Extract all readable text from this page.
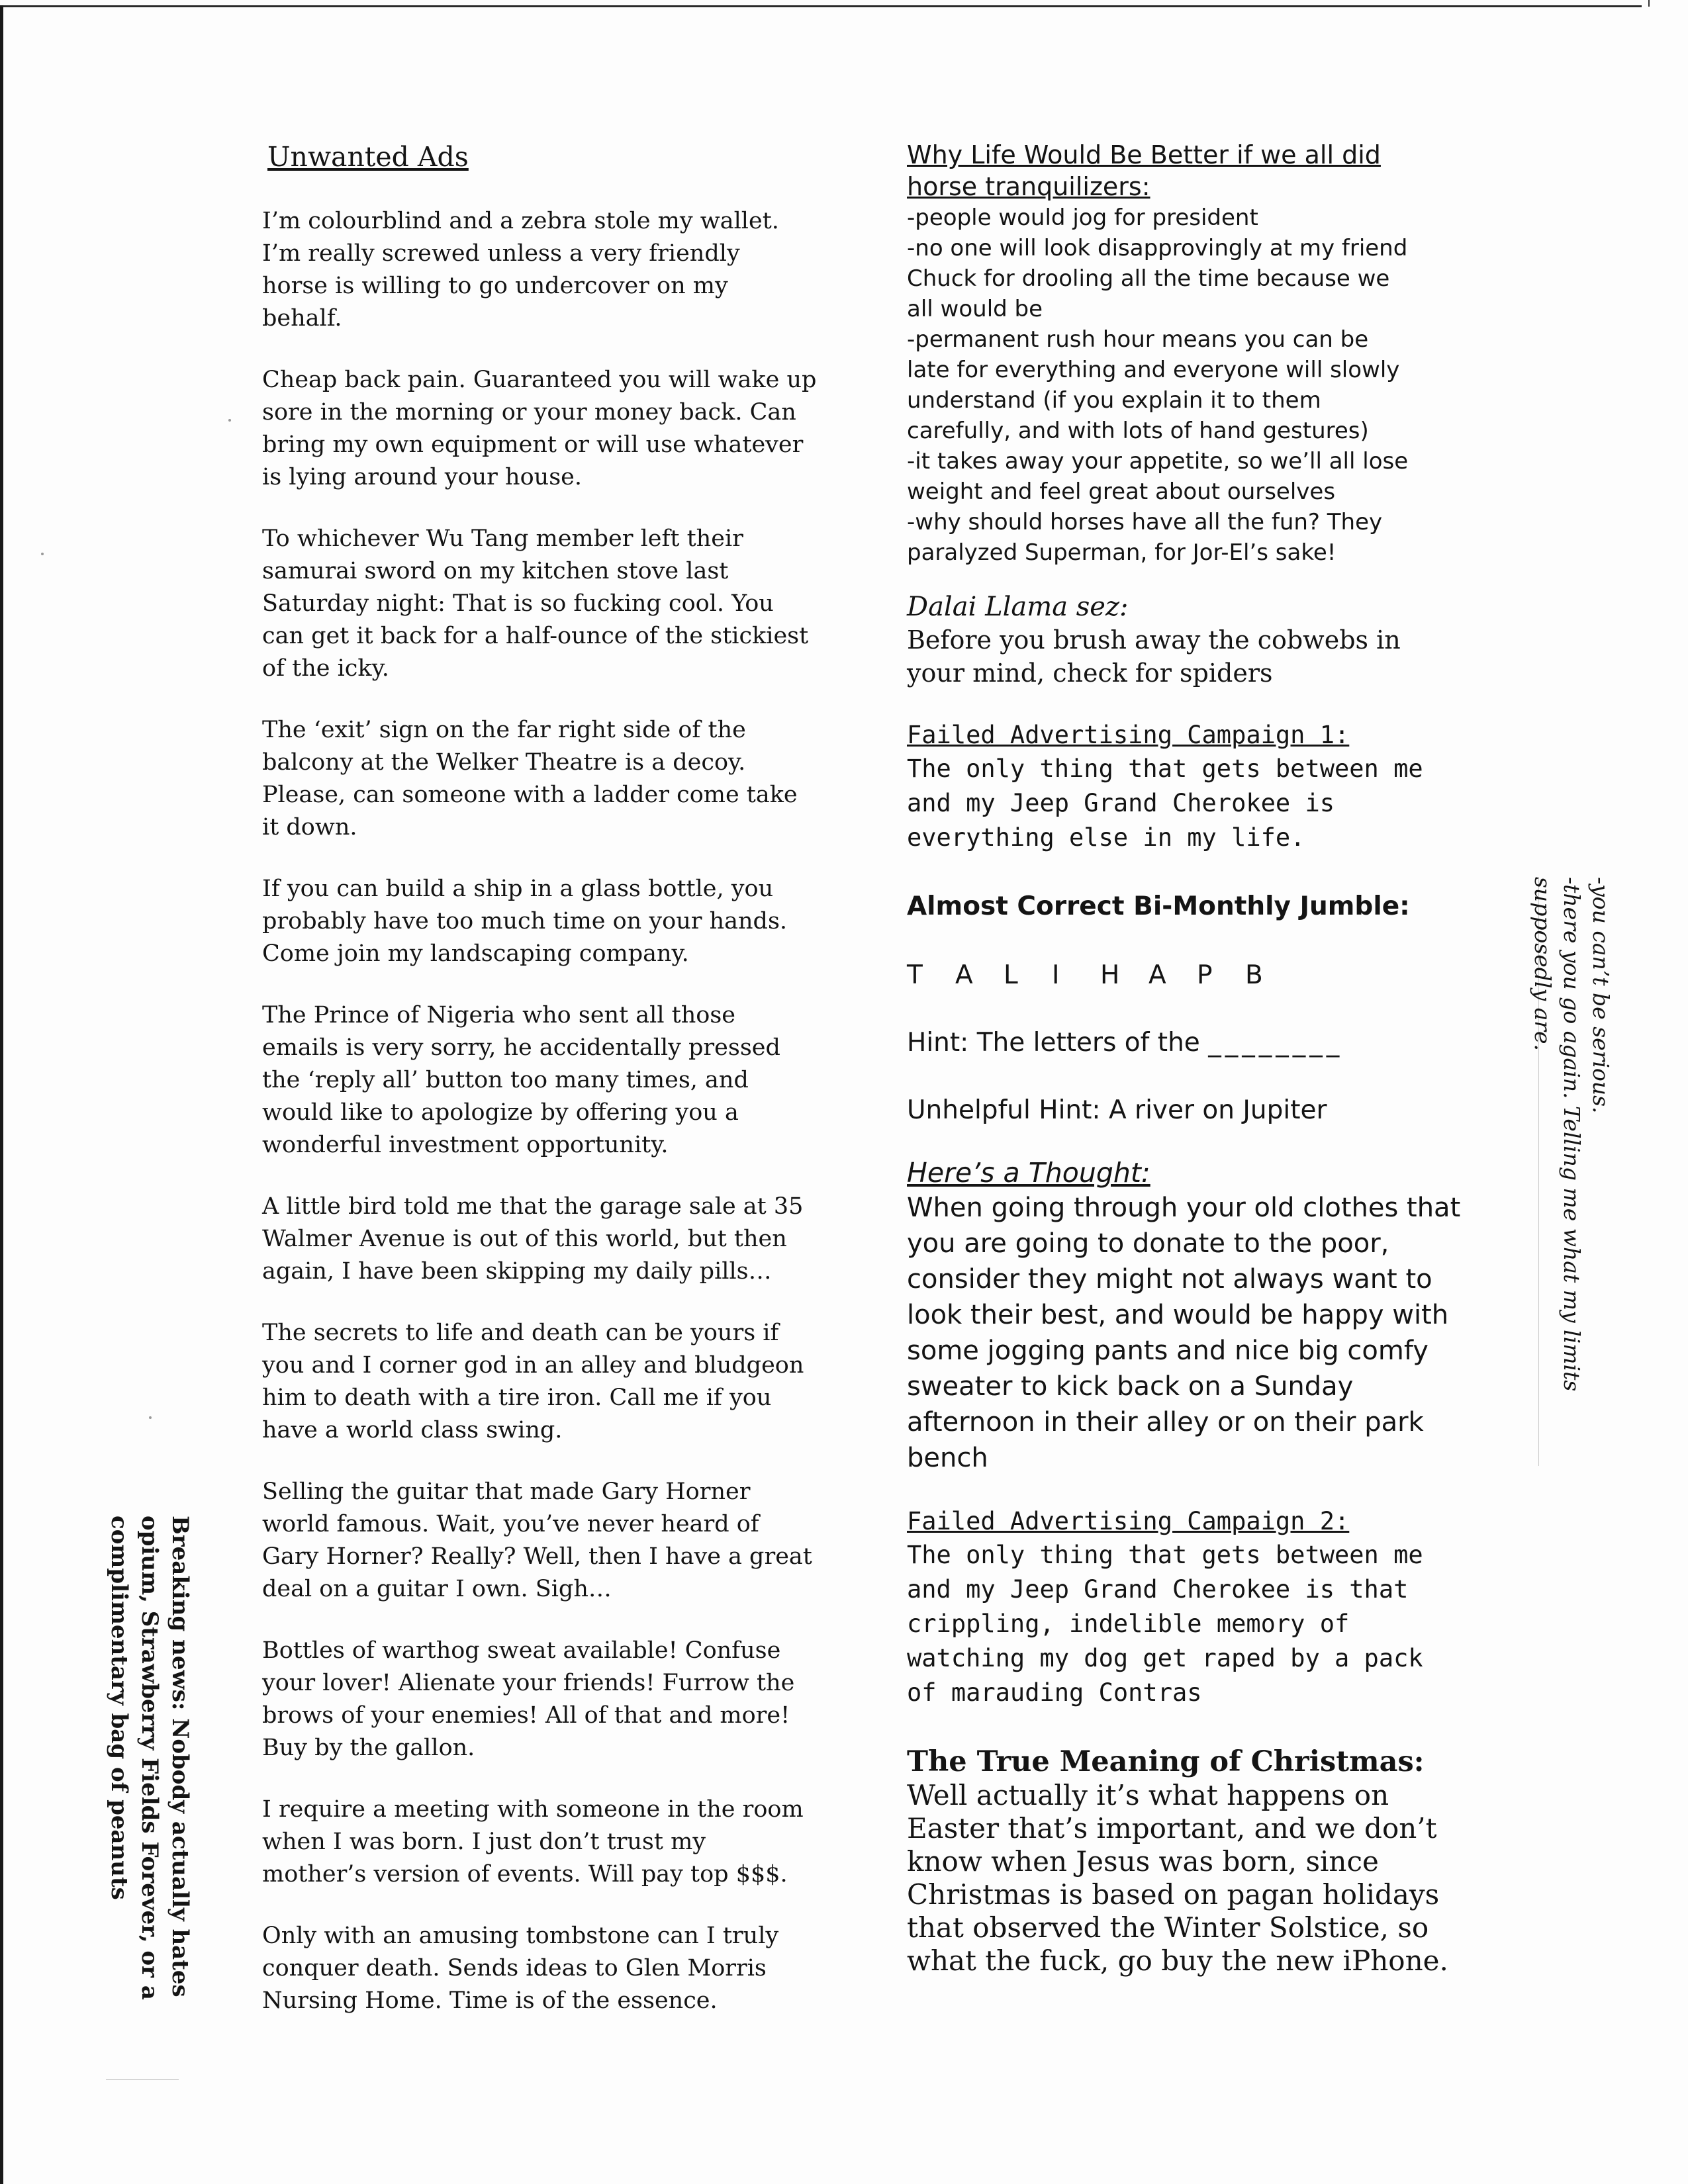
Unwanted Ads

I’m colourblind and a zebra stole my wallet.

I’m really screwed unless a very friendly

horse is willing to go undercover on my

behalf.

Cheap back pain. Guaranteed you will wake up

sore in the morning or your money back. Can

bring my own equipment or will use whatever

is lying around your house.

To whichever Wu Tang member left their

samurai sword on my kitchen stove last

Saturday night: That is so fucking cool. You

can get it back for a half-ounce of the stickiest

of the icky.

The ‘exit’ sign on the far right side of the

balcony at the Welker Theatre is a decoy.

Please, can someone with a ladder come take

it down.

If you can build a ship in a glass bottle, you

probably have too much time on your hands.

Come join my landscaping company.

The Prince of Nigeria who sent all those

emails is very sorry, he accidentally pressed

the ‘reply all’ button too many times, and

would like to apologize by offering you a

wonderful investment opportunity.

A little bird told me that the garage sale at 35

Walmer Avenue is out of this world, but then

again, I have been skipping my daily pills…

The secrets to life and death can be yours if

you and I corner god in an alley and bludgeon

him to death with a tire iron. Call me if you

have a world class swing.

Selling the guitar that made Gary Horner

world famous. Wait, you’ve never heard of

Gary Horner? Really? Well, then I have a great

deal on a guitar I own. Sigh…

Bottles of warthog sweat available! Confuse

your lover! Alienate your friends! Furrow the

brows of your enemies! All of that and more!

Buy by the gallon.

I require a meeting with someone in the room

when I was born. I just don’t trust my

mother’s version of events. Will pay top $$$.

Only with an amusing tombstone can I truly

conquer death. Sends ideas to Glen Morris

Nursing Home. Time is of the essence.

Why Life Would Be Better if we all did
horse tranquilizers:
-people would jog for president
-no one will look disapprovingly at my friend
Chuck for drooling all the time because we
all would be
-permanent rush hour means you can be
late for everything and everyone will slowly
understand (if you explain it to them
carefully, and with lots of hand gestures)
-it takes away your appetite, so we’ll all lose
weight and feel great about ourselves
-why should horses have all the fun? They
paralyzed Superman, for Jor-El’s sake!
Dalai Llama sez:
Before you brush away the cobwebs in
your mind, check for spiders
Failed Advertising Campaign 1:
The only thing that gets between me
and my Jeep Grand Cherokee is
everything else in my life.
Almost Correct Bi-Monthly Jumble:
T	A	L	I	H	A	P	B
Hint: The letters of the ________
Unhelpful Hint: A river on Jupiter
Here’s a Thought:
When going through your old clothes that
you are going to donate to the poor,
consider they might not always want to
look their best, and would be happy with
some jogging pants and nice big comfy
sweater to kick back on a Sunday
afternoon in their alley or on their park
bench
Failed Advertising Campaign 2:
The only thing that gets between me
and my Jeep Grand Cherokee is that
crippling, indelible memory of
watching my dog get raped by a pack
of marauding Contras
The True Meaning of Christmas:
Well actually it’s what happens on
Easter that’s important, and we don’t
know when Jesus was born, since
Christmas is based on pagan holidays
that observed the Winter Solstice, so
what the fuck, go buy the new iPhone.

-you can’t be serious.

-there you go again. Telling me what my limits

supposedly are.

Breaking news: Nobody actually hates

opium, Strawberry Fields Forever, or a

complimentary bag of peanuts
